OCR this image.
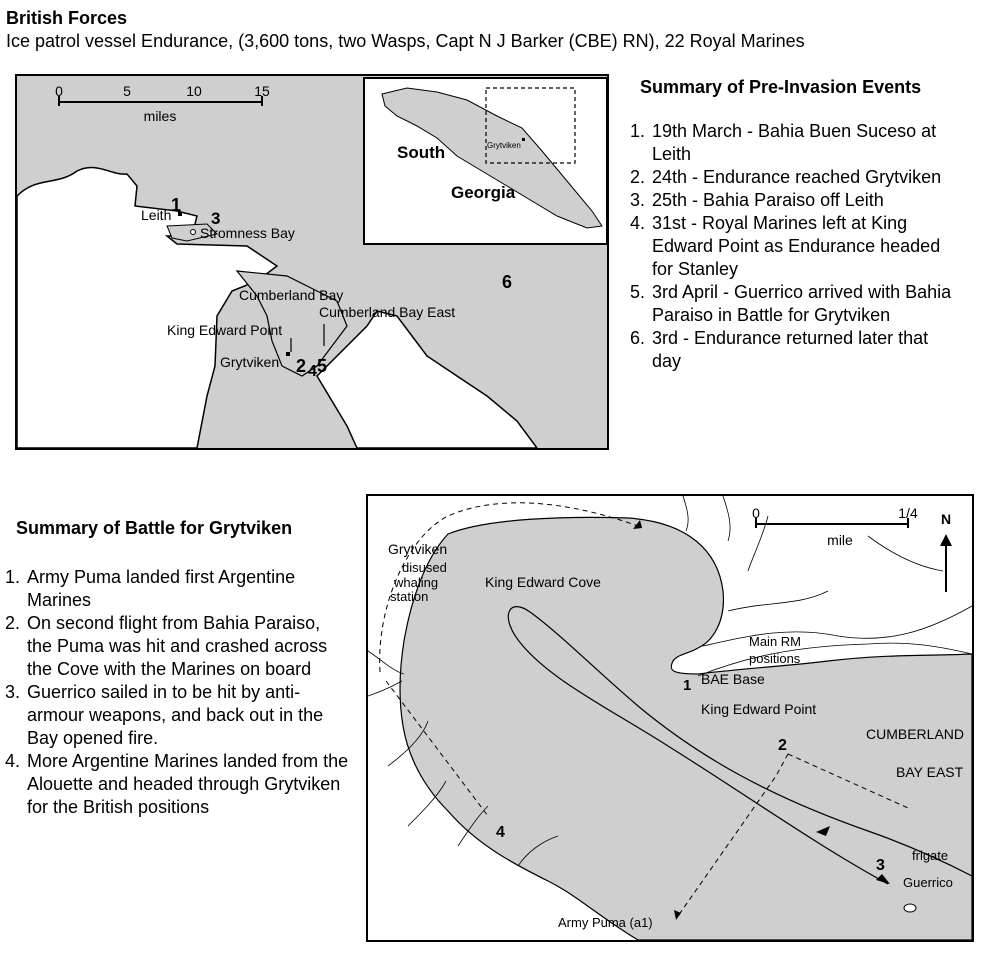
British Forces
Ice patrol vessel Endurance, (3,600 tons, two Wasps, Capt N J Barker (CBE) RN), 22 Royal Marines
0	5	10	15
miles
South
Georgia
Grytviken
Leith
Stromness Bay
Cumberland Bay
Cumberland Bay East
King Edward Point
Grytviken
1
3
2 4 5
6
Summary of Pre-Invasion Events
1. 19th March - Bahia Buen Suceso at Leith
2. 24th - Endurance reached Grytviken
3. 25th - Bahia Paraiso off Leith
4. 31st - Royal Marines left at King Edward Point as Endurance headed for Stanley
5. 3rd April - Guerrico arrived with Bahia Paraiso in Battle for Grytviken
6. 3rd - Endurance returned later that day
Summary of Battle for Grytviken
1. Army Puma landed first Argentine Marines
2. On second flight from Bahia Paraiso, the Puma was hit and crashed across the Cove with the Marines on board
3. Guerrico sailed in to be hit by anti-armour weapons, and back out in the Bay opened fire.
4. More Argentine Marines landed from the Alouette and headed through Grytviken for the British positions
0	1/4
mile
N
Grytviken
disused
whaling
station
King Edward Cove
Main RM
positions
BAE Base
King Edward Point
CUMBERLAND
BAY EAST
frigate
Guerrico
Army Puma (a1)
1
2
3
4
